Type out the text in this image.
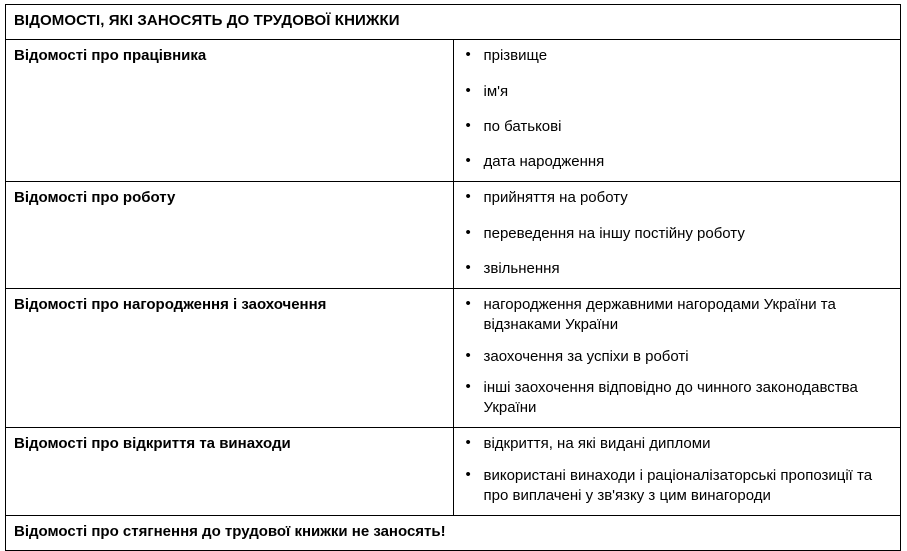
ВІДОМОСТІ, ЯКІ ЗАНОСЯТЬ ДО ТРУДОВОЇ КНИЖКИ	
Відомості про працівника	
•прізвище
• ім'я
• по батькові
• дата народження

Відомості про роботу	
•прийняття на роботу
• переведення на іншу постійну роботу
• звільнення

Відомості про нагородження і заохочення	
•нагородження державними нагородами України та відзнаками України
• заохочення за успіхи в роботі
• інші заохочення відповідно до чинного законодавства України

Відомості про відкриття та винаходи	
•відкриття, на які видані дипломи
• використані винаходи і раціоналізаторські пропозиції та про виплачені у зв'язку з цим винагороди

Відомості про стягнення до трудової книжки не заносять!	
